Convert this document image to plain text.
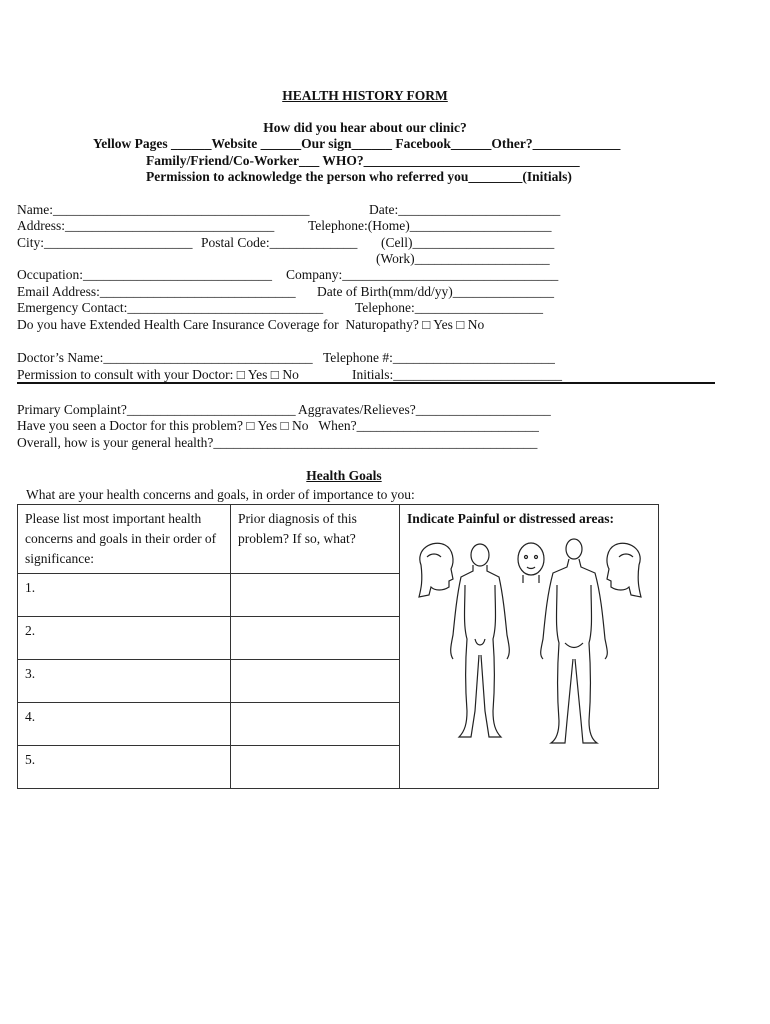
HEALTH HISTORY FORM
How did you hear about our clinic?
Yellow Pages ______Website ______Our sign______ Facebook______Other?_____________
Family/Friend/Co-Worker___ WHO?________________________________
Permission to acknowledge the person who referred you________(Initials)
Name:______________________________________	Date:________________________
Address:_______________________________	Telephone:(Home)_____________________
City:______________________ Postal Code:_____________ (Cell)_____________________
(Work)____________________
Occupation:____________________________ Company:________________________________
Email Address:_____________________________ Date of Birth(mm/dd/yy)_______________
Emergency Contact:_____________________________ Telephone:___________________
Do you have Extended Health Care Insurance Coverage for  Naturopathy? □ Yes □ No
Doctor’s Name:_______________________________ Telephone #:________________________
Permission to consult with your Doctor: □ Yes □ No	Initials:_________________________
Primary Complaint?_________________________ Aggravates/Relieves?____________________
Have you seen a Doctor for this problem? □ Yes □ No   When?___________________________
Overall, how is your general health?________________________________________________
Health Goals
What are your health concerns and goals, in order of importance to you:
Please list most important health concerns and goals in their order of significance:	Prior diagnosis of this problem? If so, what?	Indicate Painful or distressed areas:

1.		
2.		
3.		
4.		
5.		
